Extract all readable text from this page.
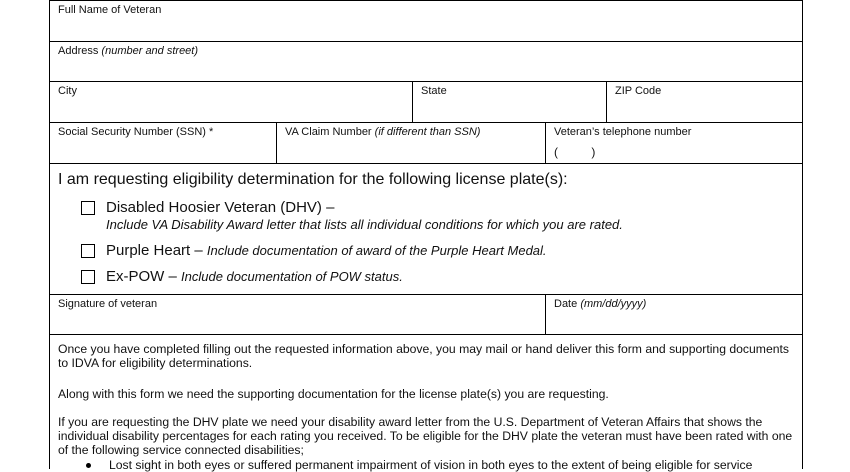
Full Name of Veteran
Address (number and street)
City	State	ZIP Code
Social Security Number (SSN) *	VA Claim Number (if different than SSN)	Veteran’s telephone number
(          )
I am requesting eligibility determination for the following license plate(s):
Disabled Hoosier Veteran (DHV) –
Include VA Disability Award letter that lists all individual conditions for which you are rated.
Purple Heart – Include documentation of award of the Purple Heart Medal.
Ex-POW – Include documentation of POW status.
Signature of veteran	Date (mm/dd/yyyy)
Once you have completed filling out the requested information above, you may mail or hand deliver this form and supporting documents to IDVA for eligibility determinations.
Along with this form we need the supporting documentation for the license plate(s) you are requesting.
If you are requesting the DHV plate we need your disability award letter from the U.S. Department of Veteran Affairs that shows the individual disability percentages for each rating you received. To be eligible for the DHV plate the veteran must have been rated with one of the following service connected disabilities;
Lost sight in both eyes or suffered permanent impairment of vision in both eyes to the extent of being eligible for service
